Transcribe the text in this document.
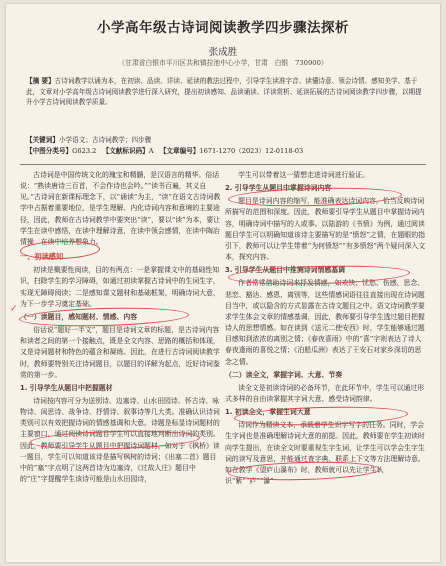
小学高年级古诗词阅读教学四步骤法探析
张成胜
（甘肃省白银市平川区共和镇拉池中心小学，甘肃　白银　730900）
【摘 要】古诗词教学以诵为本，在初读、品读、详读、延读的教法过程中，引导学生读准字音、读懂诗意、领会诗情、感知美学、基于此，文章对小学高年级古诗词阅读教学进行深入研究，提出初读感知、品读诵读、详读赏析、延读拓展的古诗词阅读教学四步骤，以期提升小学古诗词阅读教学质量。
【关键词】小学语文；古诗词教学；四步骤
【中图分类号】G623.2 【文献标识码】A 【文章编号】1671-1270（2023）12-0118-03
古诗词是中国传统文化的瑰宝和精髓，是汉语言的精华。俗话说：“熟读唐诗三百首，不会作诗也会吟。”“读书百遍，其义自见。”古诗词在新课标理念下，以“诵读”为主，“读”在语文古诗词教学中占据着重要地位，是学生理解、内化诗词内容和意境的主要途径，因此，教师在古诗词教学中要突出“读”，要以“读”为本，要让学生在读中感悟，在读中理解诗意，在读中领会感情，在读中陶冶情操，在读中培养想象力。
一、初读感知
初读是概要性阅读，目的有两点：一是掌握课文中的基础性知识，扫除学生的学习障碍，如通过初读掌握古诗词中的生词生字，实现无障碍阅读；二是感知课文题材和基础框架，明确诗词大意，为下一步学习奠定基础。
（一）读题目，感知题材、情感、内容
俗话说“题好一半文”，题目是诗词文章的标题，是古诗词内容和读者之间的第一个接触点，既是全文内容、思路的概括和体现，又是诗词题材和特色的蕴含和凝练。因此，在进行古诗词阅读教学时，教师要特别关注诗词题目，以题目的详解为起点，近好诗词鉴赏的第一步。
1. 引导学生从题目中把握题材
诗词按内容可分为送别诗、边塞诗、山水田园诗、怀古诗、咏物诗、闺思诗、战争诗、抒情诗、叙事诗等几大类。准确认识诗词类别可以有效把握诗词的情感基调和大意。诗题是标显诗词题材的主要窗口，通过阅读诗词题目学生可以直接地判断出诗词的类别。因此，教师要引导学生从题目中把握诗词题材，如对于《枫桥》读一题目，学生可以知道该诗是描写枫树的诗词；《出塞二首》题目中的“塞”字点明了这两首诗为边塞诗，《过故人庄》题目中的“庄”字提醒学生该诗可能是山水田园诗，
学生可以带着这一猜想走进诗词进行验证。
2. 引导学生从题目中掌握诗词内容
题目是诗词内容的缩写，能准确表达诗词内容，恰当反映诗词所描写的范围和深度。因此，教师要引导学生从题目中掌握诗词内容，明确诗词中描写的人或事。以陆游的《书愤》为例，通过阅读题目学生可以明确知道该诗主要描写的是“愤怒”之情，在题眼的指引下，教师可以让学生带着“为何愤怒”“有多愤怒”两个疑问深入文本，探究内容。
3. 引导学生从题目中推测诗词情感基调
作者常常借助诗词来抒发情感，如欢快、忧愁、伤感、思念、悲恋、豁达、感恩、离别等，这些情感词语往往直接出现在诗词题目当中，或以隐含的方式显露在古诗文题目之中。语文诗词教学要求学生体会文章的情感基调，因此，教师要引导学生透过题目把握诗人的思想情感。如在读到《送元二使安西》时，学生能够通过题目感知到浓浓的离别之情；《春夜喜雨》中的“喜”字则表达了诗人春夜逢雨的喜悦之情；《泊船瓜洲》表达了王安石对家乡深切的思念之情。
（二）读全文，掌握字词、大意、节奏
读全文是初读诗词的必备环节，在此环节中，学生可以通过形式多样的自由读掌握其字词大意、感受诗词韵律。
1. 初读全文，掌握生词大意
诗词作为精读文本，承载着学生识字写字的任务。同时，学会生字词也是准确理解诗词大意的前提。因此，教师要在学生初读时向学生提出，在读全文时要重视生字生词，让学生可以学会生字生词的读写及意思，并能通过查字典、联系上下文等方法理解诗意。如在教学《望庐山瀑布》时，教师就可以先让学生认识“紫”“庐”“瀑”
✓
